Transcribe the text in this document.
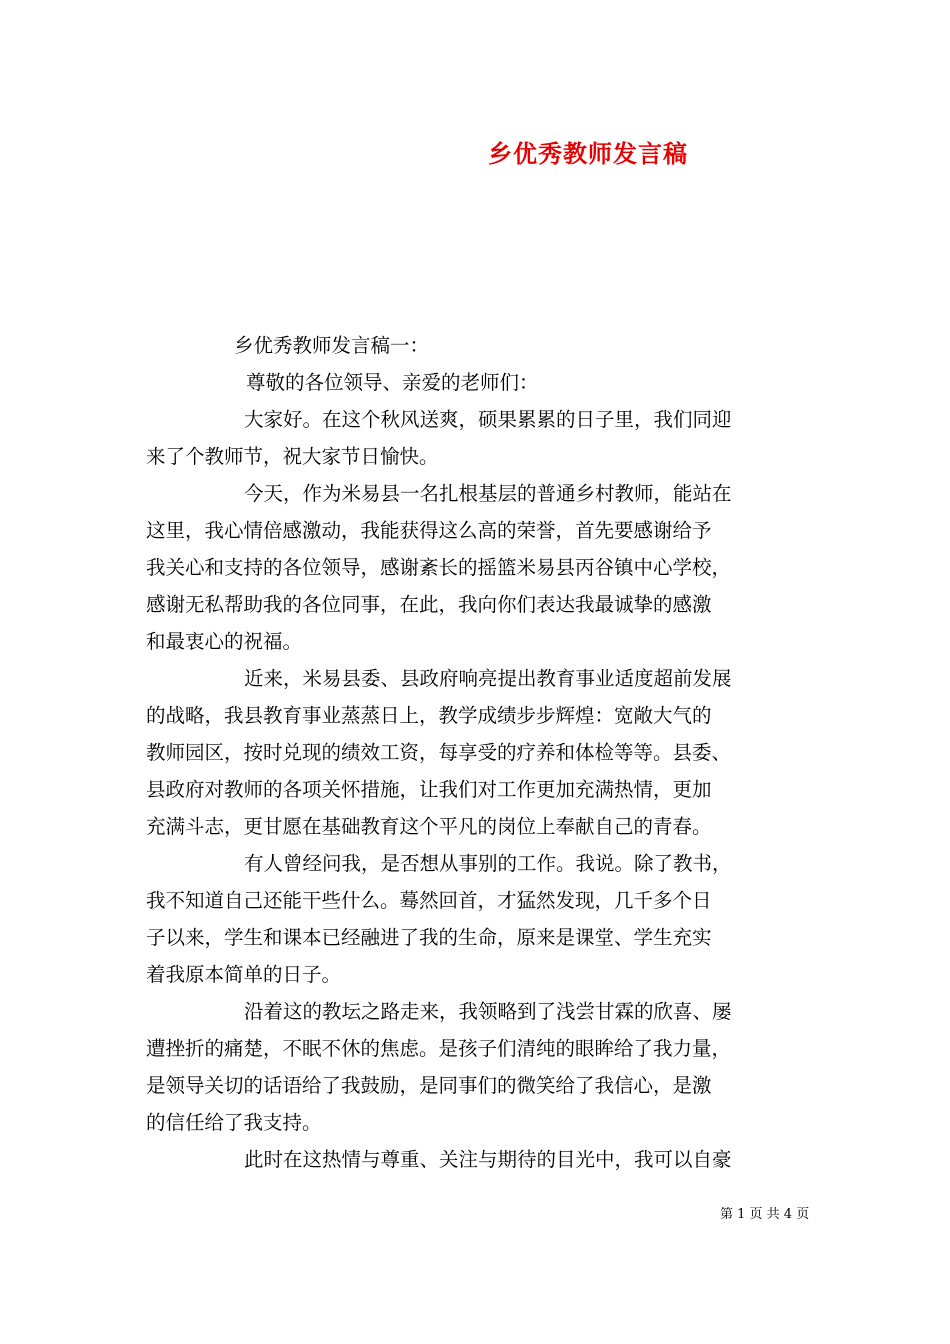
乡优秀教师发言稿
乡优秀教师发言稿一：
尊敬的各位领导、亲爱的老师们：
大家好。在这个秋风送爽，硕果累累的日子里，我们同迎
来了个教师节，祝大家节日愉快。
今天，作为米易县一名扎根基层的普通乡村教师，能站在
这里，我心情倍感激动，我能获得这么高的荣誉，首先要感谢给予
我关心和支持的各位领导，感谢紊长的摇篮米易县丙谷镇中心学校，
感谢无私帮助我的各位同事，在此，我向你们表达我最诚挚的感激
和最衷心的祝福。
近来，米易县委、县政府响亮提出教育事业适度超前发展
的战略，我县教育事业蒸蒸日上，教学成绩步步辉煌：宽敞大气的
教师园区，按时兑现的绩效工资，每享受的疗养和体检等等。县委、
县政府对教师的各项关怀措施，让我们对工作更加充满热情，更加
充满斗志，更甘愿在基础教育这个平凡的岗位上奉献自己的青春。
有人曾经问我，是否想从事别的工作。我说。除了教书，
我不知道自己还能干些什么。蓦然回首，才猛然发现，几千多个日
子以来，学生和课本已经融进了我的生命，原来是课堂、学生充实
着我原本简单的日子。
沿着这的教坛之路走来，我领略到了浅尝甘霖的欣喜、屡
遭挫折的痛楚，不眠不休的焦虑。是孩子们清纯的眼眸给了我力量，
是领导关切的话语给了我鼓励，是同事们的微笑给了我信心，是激
的信任给了我支持。
此时在这热情与尊重、关注与期待的目光中，我可以自豪
第 1 页 共 4 页
